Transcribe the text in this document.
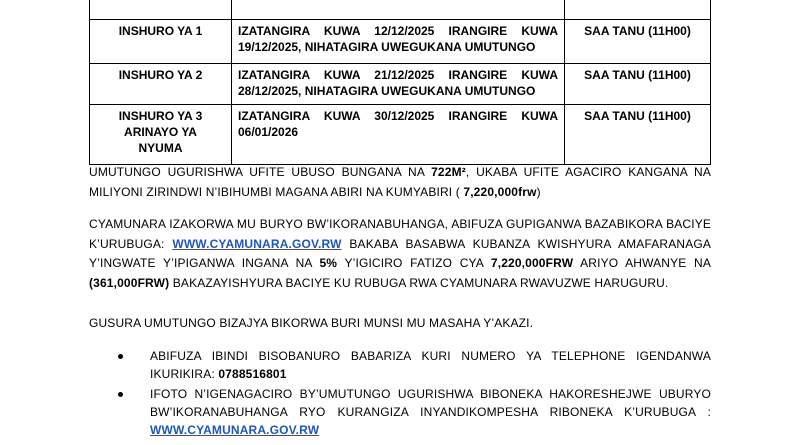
INSHURO YA 1	IZATANGIRA KUWA 12/12/2025 IRANGIRE KUWA 19/12/2025, NIHATAGIRA UWEGUKANA UMUTUNGO	SAA TANU (11H00)
INSHURO YA 2	IZATANGIRA KUWA 21/12/2025 IRANGIRE KUWA 28/12/2025, NIHATAGIRA UWEGUKANA UMUTUNGO	SAA TANU (11H00)
INSHURO YA 3 ARINAYO YA NYUMA	IZATANGIRA KUWA 30/12/2025 IRANGIRE KUWA 06/01/2026	SAA TANU (11H00)

UMUTUNGO UGURISHWA UFITE UBUSO BUNGANA NA 722M², UKABA UFITE AGACIRO KANGANA NA MILIYONI ZIRINDWI N’IBIHUMBI MAGANA ABIRI NA KUMYABIRI ( 7,220,000frw)

CYAMUNARA IZAKORWA MU BURYO BW’IKORANABUHANGA, ABIFUZA GUPIGANWA BAZABIKORA BACIYE K’URUBUGA: WWW.CYAMUNARA.GOV.RW BAKABA BASABWA KUBANZA KWISHYURA AMAFARANAGA Y’INGWATE Y’IPIGANWA INGANA NA 5% Y’IGICIRO FATIZO CYA 7,220,000FRW ARIYO AHWANYE NA (361,000FRW) BAKAZAYISHYURA BACIYE KU RUBUGA RWA CYAMUNARA RWAVUZWE HARUGURU.

GUSURA UMUTUNGO BIZAJYA BIKORWA BURI MUNSI MU MASAHA Y’AKAZI.

ABIFUZA IBINDI BISOBANURO BABARIZA KURI NUMERO YA TELEPHONE IGENDANWA IKURIKIRA: 0788516801
IFOTO N’IGENAGACIRO BY’UMUTUNGO UGURISHWA BIBONEKA HAKORESHEJWE UBURYO BW’IKORANABUHANGA RYO KURANGIZA INYANDIKOMPESHA RIBONEKA K’URUBUGA : WWW.CYAMUNARA.GOV.RW
